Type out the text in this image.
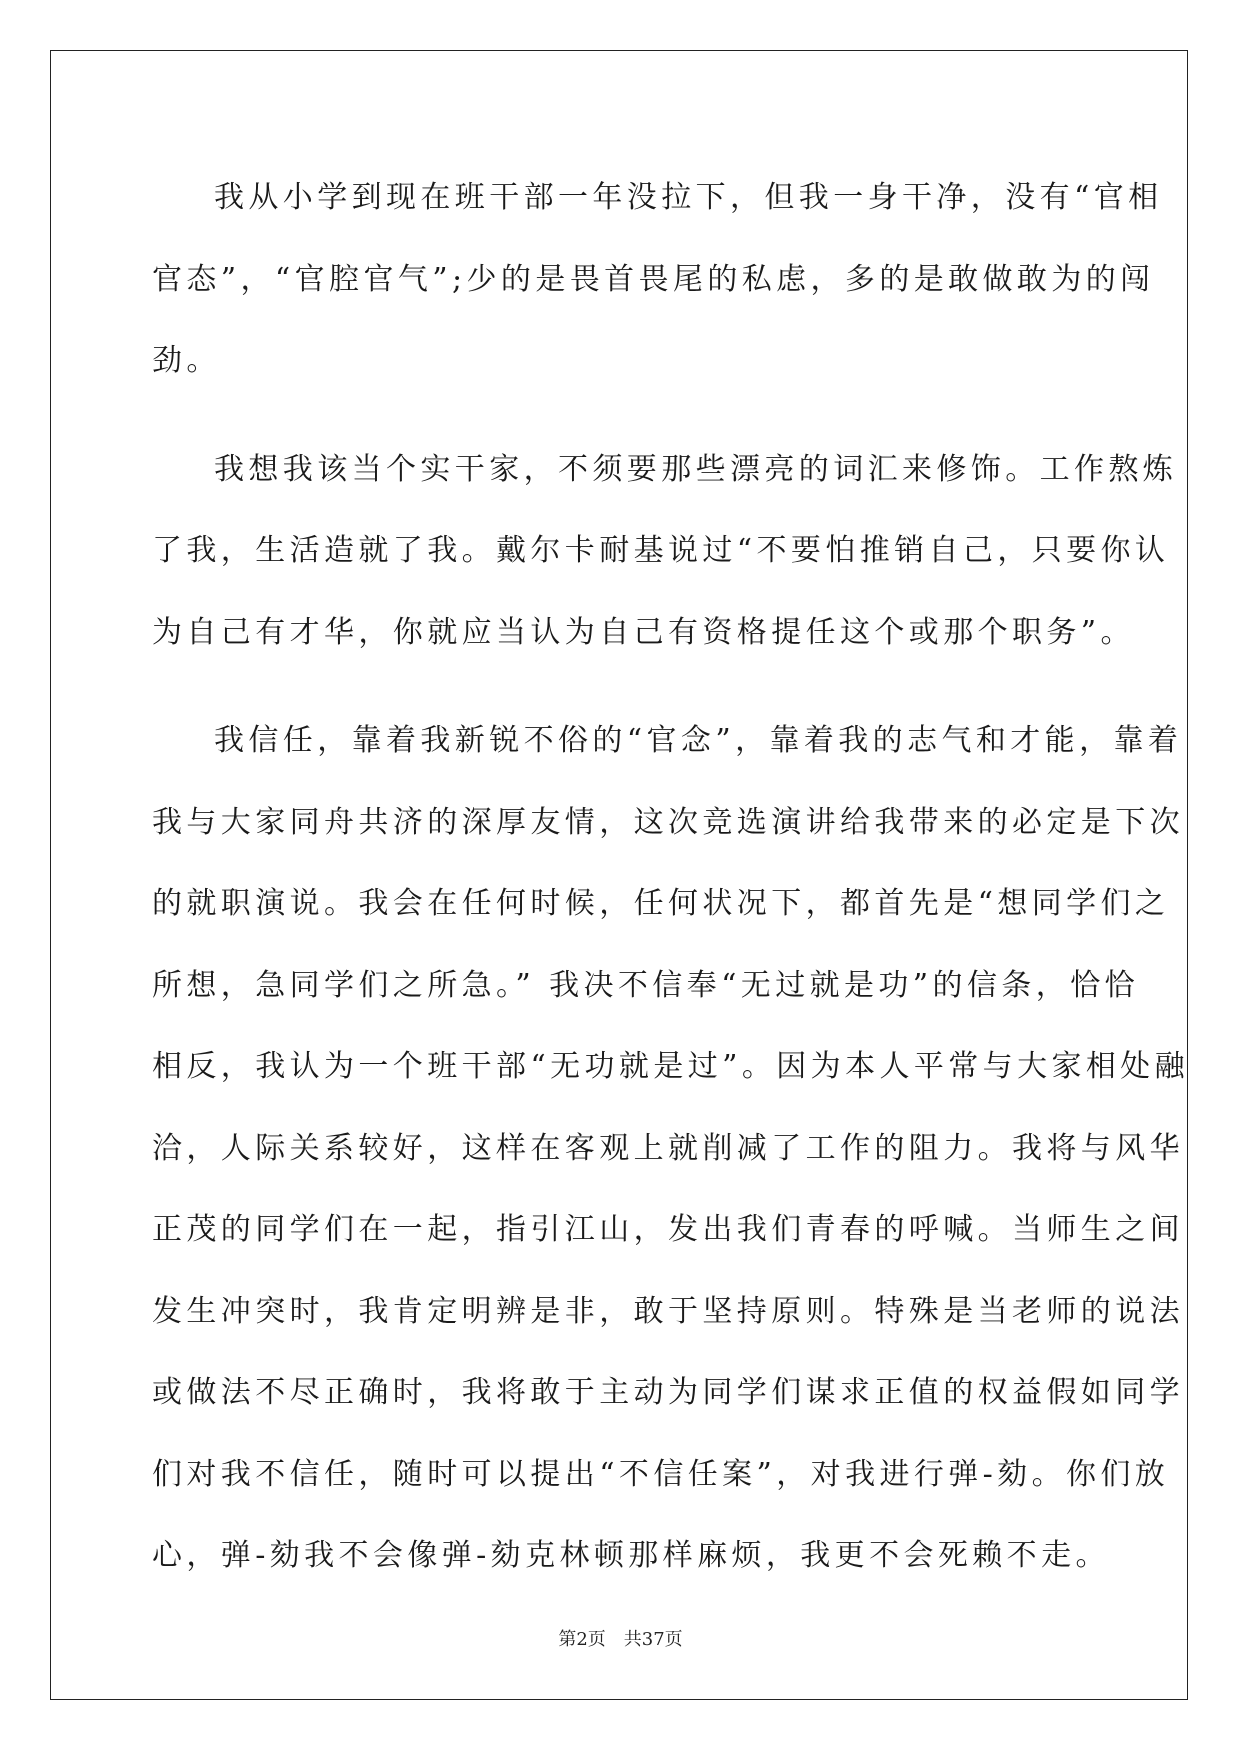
我从小学到现在班干部一年没拉下，但我一身干净，没有“官相
官态”，“官腔官气”;少的是畏首畏尾的私虑，多的是敢做敢为的闯
劲。
我想我该当个实干家，不须要那些漂亮的词汇来修饰。工作熬炼
了我，生活造就了我。戴尔卡耐基说过“不要怕推销自己，只要你认
为自己有才华，你就应当认为自己有资格提任这个或那个职务”。
我信任，靠着我新锐不俗的“官念”，靠着我的志气和才能，靠着
我与大家同舟共济的深厚友情，这次竞选演讲给我带来的必定是下次
的就职演说。我会在任何时候，任何状况下，都首先是“想同学们之
所想，急同学们之所急。” 我决不信奉“无过就是功”的信条，恰恰
相反，我认为一个班干部“无功就是过”。因为本人平常与大家相处融
洽，人际关系较好，这样在客观上就削减了工作的阻力。我将与风华
正茂的同学们在一起，指引江山，发出我们青春的呼喊。当师生之间
发生冲突时，我肯定明辨是非，敢于坚持原则。特殊是当老师的说法
或做法不尽正确时，我将敢于主动为同学们谋求正值的权益假如同学
们对我不信任，随时可以提出“不信任案”，对我进行弹-劾。你们放
心，弹-劾我不会像弹-劾克林顿那样麻烦，我更不会死赖不走。
第2页　共37页
